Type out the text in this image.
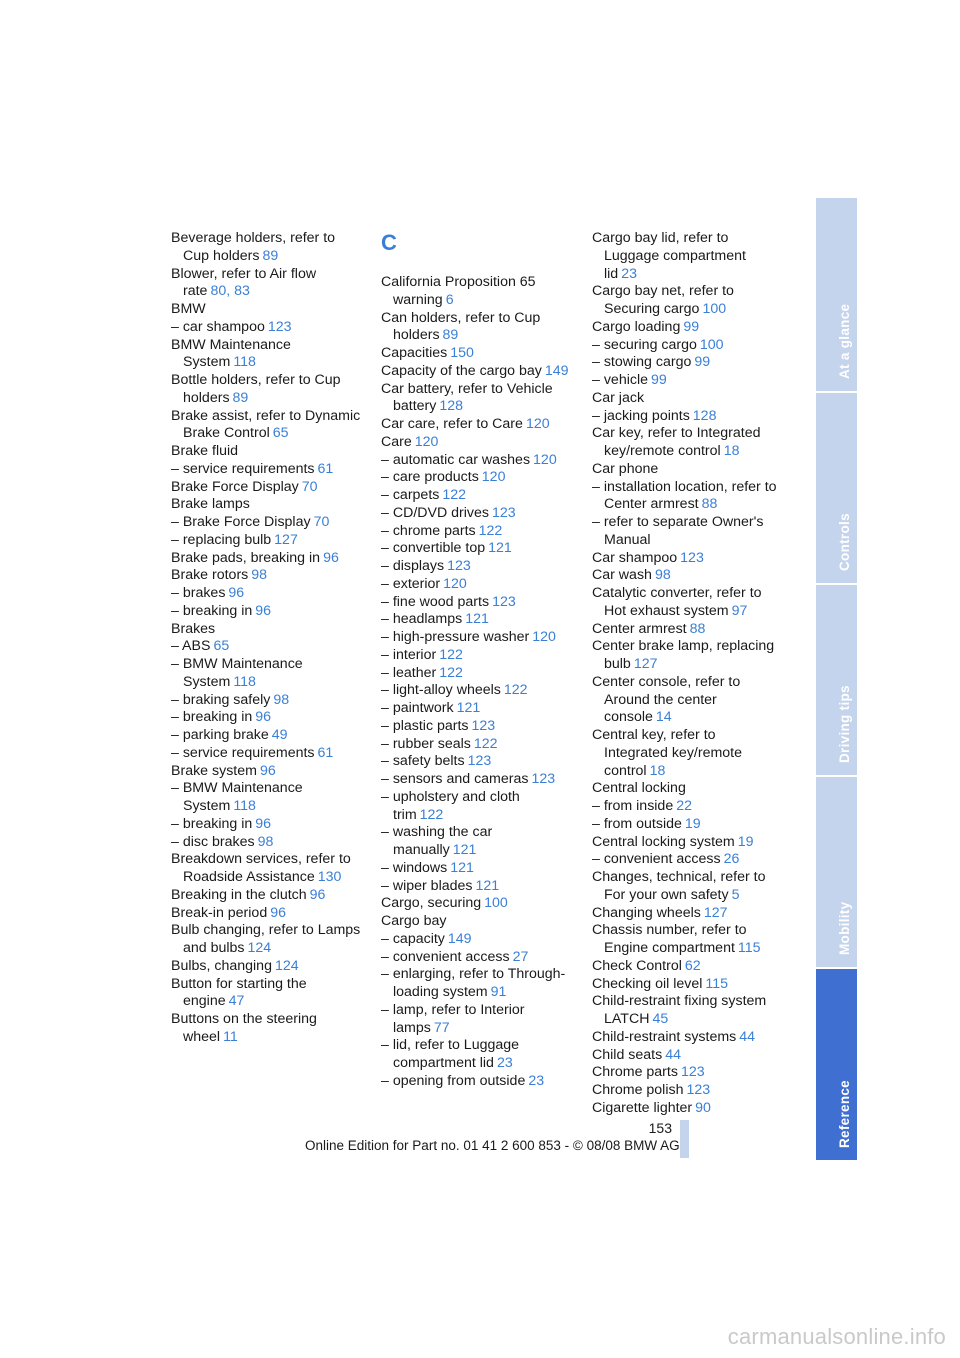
Beverage holders, refer to Cup holders 89
Blower, refer to Air flow rate 80, 83
BMW
– car shampoo 123
BMW Maintenance System 118
Bottle holders, refer to Cup holders 89
Brake assist, refer to Dynamic Brake Control 65
Brake fluid
– service requirements 61
Brake Force Display 70
Brake lamps
– Brake Force Display 70
– replacing bulb 127
Brake pads, breaking in 96
Brake rotors 98
– brakes 96
– breaking in 96
Brakes
– ABS 65
– BMW Maintenance System 118
– braking safely 98
– breaking in 96
– parking brake 49
– service requirements 61
Brake system 96
– BMW Maintenance System 118
– breaking in 96
– disc brakes 98
Breakdown services, refer to Roadside Assistance 130
Breaking in the clutch 96
Break-in period 96
Bulb changing, refer to Lamps and bulbs 124
Bulbs, changing 124
Button for starting the engine 47
Buttons on the steering wheel 11
C
California Proposition 65 warning 6
Can holders, refer to Cup holders 89
Capacities 150
Capacity of the cargo bay 149
Car battery, refer to Vehicle battery 128
Car care, refer to Care 120
Care 120
– automatic car washes 120
– care products 120
– carpets 122
– CD/DVD drives 123
– chrome parts 122
– convertible top 121
– displays 123
– exterior 120
– fine wood parts 123
– headlamps 121
– high-pressure washer 120
– interior 122
– leather 122
– light-alloy wheels 122
– paintwork 121
– plastic parts 123
– rubber seals 122
– safety belts 123
– sensors and cameras 123
– upholstery and cloth trim 122
– washing the car manually 121
– windows 121
– wiper blades 121
Cargo, securing 100
Cargo bay
– capacity 149
– convenient access 27
– enlarging, refer to Through-loading system 91
– lamp, refer to Interior lamps 77
– lid, refer to Luggage compartment lid 23
– opening from outside 23
Cargo bay lid, refer to Luggage compartment lid 23
Cargo bay net, refer to Securing cargo 100
Cargo loading 99
– securing cargo 100
– stowing cargo 99
– vehicle 99
Car jack
– jacking points 128
Car key, refer to Integrated key/remote control 18
Car phone
– installation location, refer to Center armrest 88
– refer to separate Owner's Manual
Car shampoo 123
Car wash 98
Catalytic converter, refer to Hot exhaust system 97
Center armrest 88
Center brake lamp, replacing bulb 127
Center console, refer to Around the center console 14
Central key, refer to Integrated key/remote control 18
Central locking
– from inside 22
– from outside 19
Central locking system 19
– convenient access 26
Changes, technical, refer to For your own safety 5
Changing wheels 127
Chassis number, refer to Engine compartment 115
Check Control 62
Checking oil level 115
Child-restraint fixing system LATCH 45
Child-restraint systems 44
Child seats 44
Chrome parts 123
Chrome polish 123
Cigarette lighter 90
At a glance
Controls
Driving tips
Mobility
Reference
153
Online Edition for Part no. 01 41 2 600 853 - © 08/08 BMW AG
carmanualsonline.info
